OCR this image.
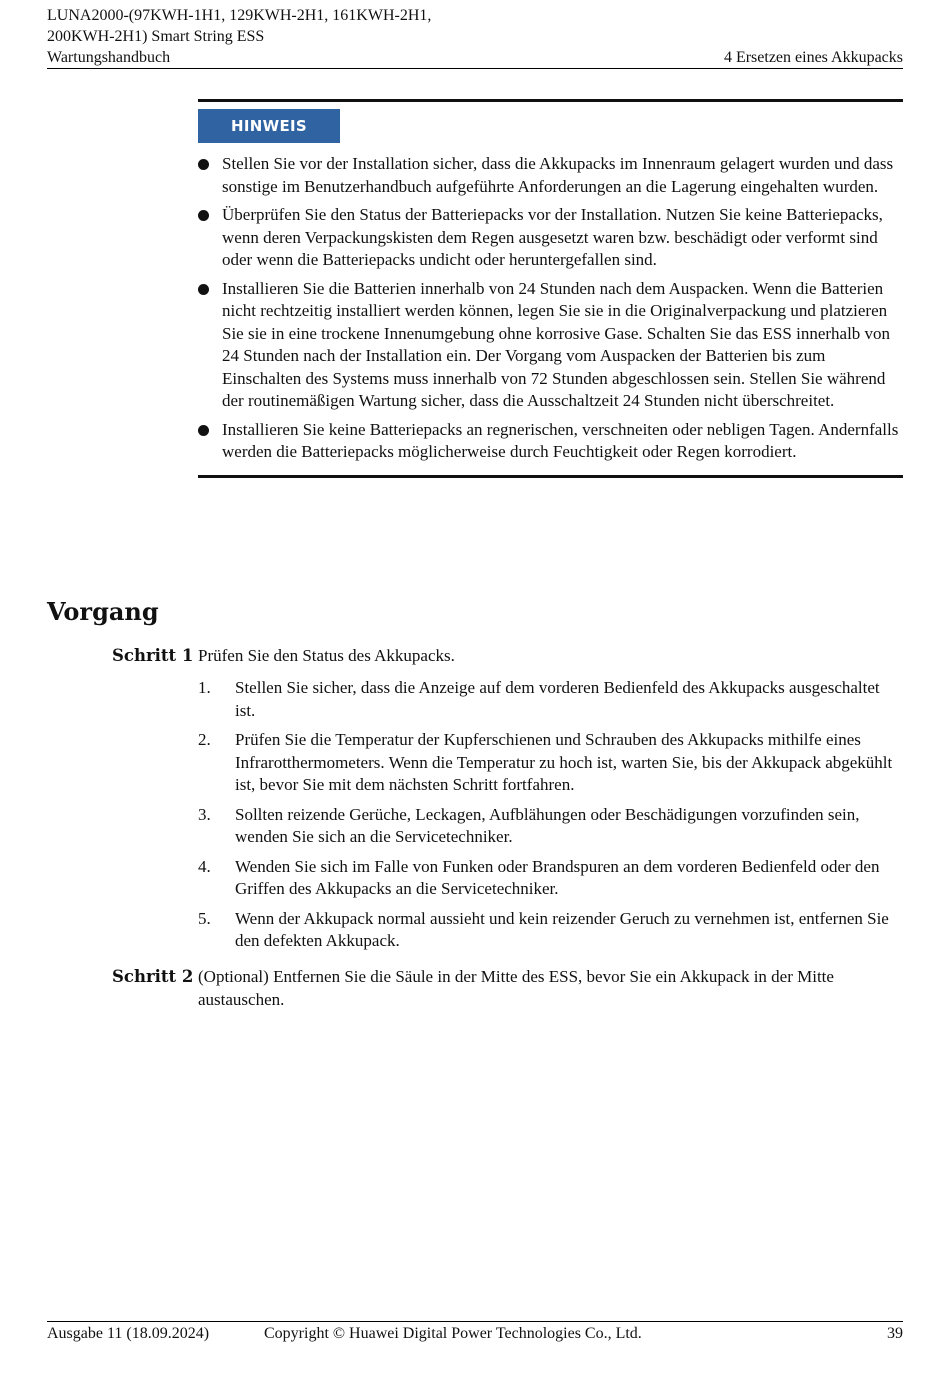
LUNA2000-(97KWH-1H1, 129KWH-2H1, 161KWH-2H1,
200KWH-2H1) Smart String ESS
Wartungshandbuch	4 Ersetzen eines Akkupacks
HINWEIS
Stellen Sie vor der Installation sicher, dass die Akkupacks im Innenraum gelagert wurden und dass sonstige im Benutzerhandbuch aufgeführte Anforderungen an die Lagerung eingehalten wurden.
Überprüfen Sie den Status der Batteriepacks vor der Installation. Nutzen Sie keine Batteriepacks, wenn deren Verpackungskisten dem Regen ausgesetzt waren bzw. beschädigt oder verformt sind oder wenn die Batteriepacks undicht oder heruntergefallen sind.
Installieren Sie die Batterien innerhalb von 24 Stunden nach dem Auspacken. Wenn die Batterien nicht rechtzeitig installiert werden können, legen Sie sie in die Originalverpackung und platzieren Sie sie in eine trockene Innenumgebung ohne korrosive Gase. Schalten Sie das ESS innerhalb von 24 Stunden nach der Installation ein. Der Vorgang vom Auspacken der Batterien bis zum Einschalten des Systems muss innerhalb von 72 Stunden abgeschlossen sein. Stellen Sie während der routinemäßigen Wartung sicher, dass die Ausschaltzeit 24 Stunden nicht überschreitet.
Installieren Sie keine Batteriepacks an regnerischen, verschneiten oder nebligen Tagen. Andernfalls werden die Batteriepacks möglicherweise durch Feuchtigkeit oder Regen korrodiert.
Vorgang
Schritt 1 Prüfen Sie den Status des Akkupacks.
1. Stellen Sie sicher, dass die Anzeige auf dem vorderen Bedienfeld des Akkupacks ausgeschaltet ist.
2. Prüfen Sie die Temperatur der Kupferschienen und Schrauben des Akkupacks mithilfe eines Infrarotthermometers. Wenn die Temperatur zu hoch ist, warten Sie, bis der Akkupack abgekühlt ist, bevor Sie mit dem nächsten Schritt fortfahren.
3. Sollten reizende Gerüche, Leckagen, Aufblähungen oder Beschädigungen vorzufinden sein, wenden Sie sich an die Servicetechniker.
4. Wenden Sie sich im Falle von Funken oder Brandspuren an dem vorderen Bedienfeld oder den Griffen des Akkupacks an die Servicetechniker.
5. Wenn der Akkupack normal aussieht und kein reizender Geruch zu vernehmen ist, entfernen Sie den defekten Akkupack.
Schritt 2 (Optional) Entfernen Sie die Säule in der Mitte des ESS, bevor Sie ein Akkupack in der Mitte austauschen.
Ausgabe 11 (18.09.2024)	Copyright © Huawei Digital Power Technologies Co., Ltd.	39
